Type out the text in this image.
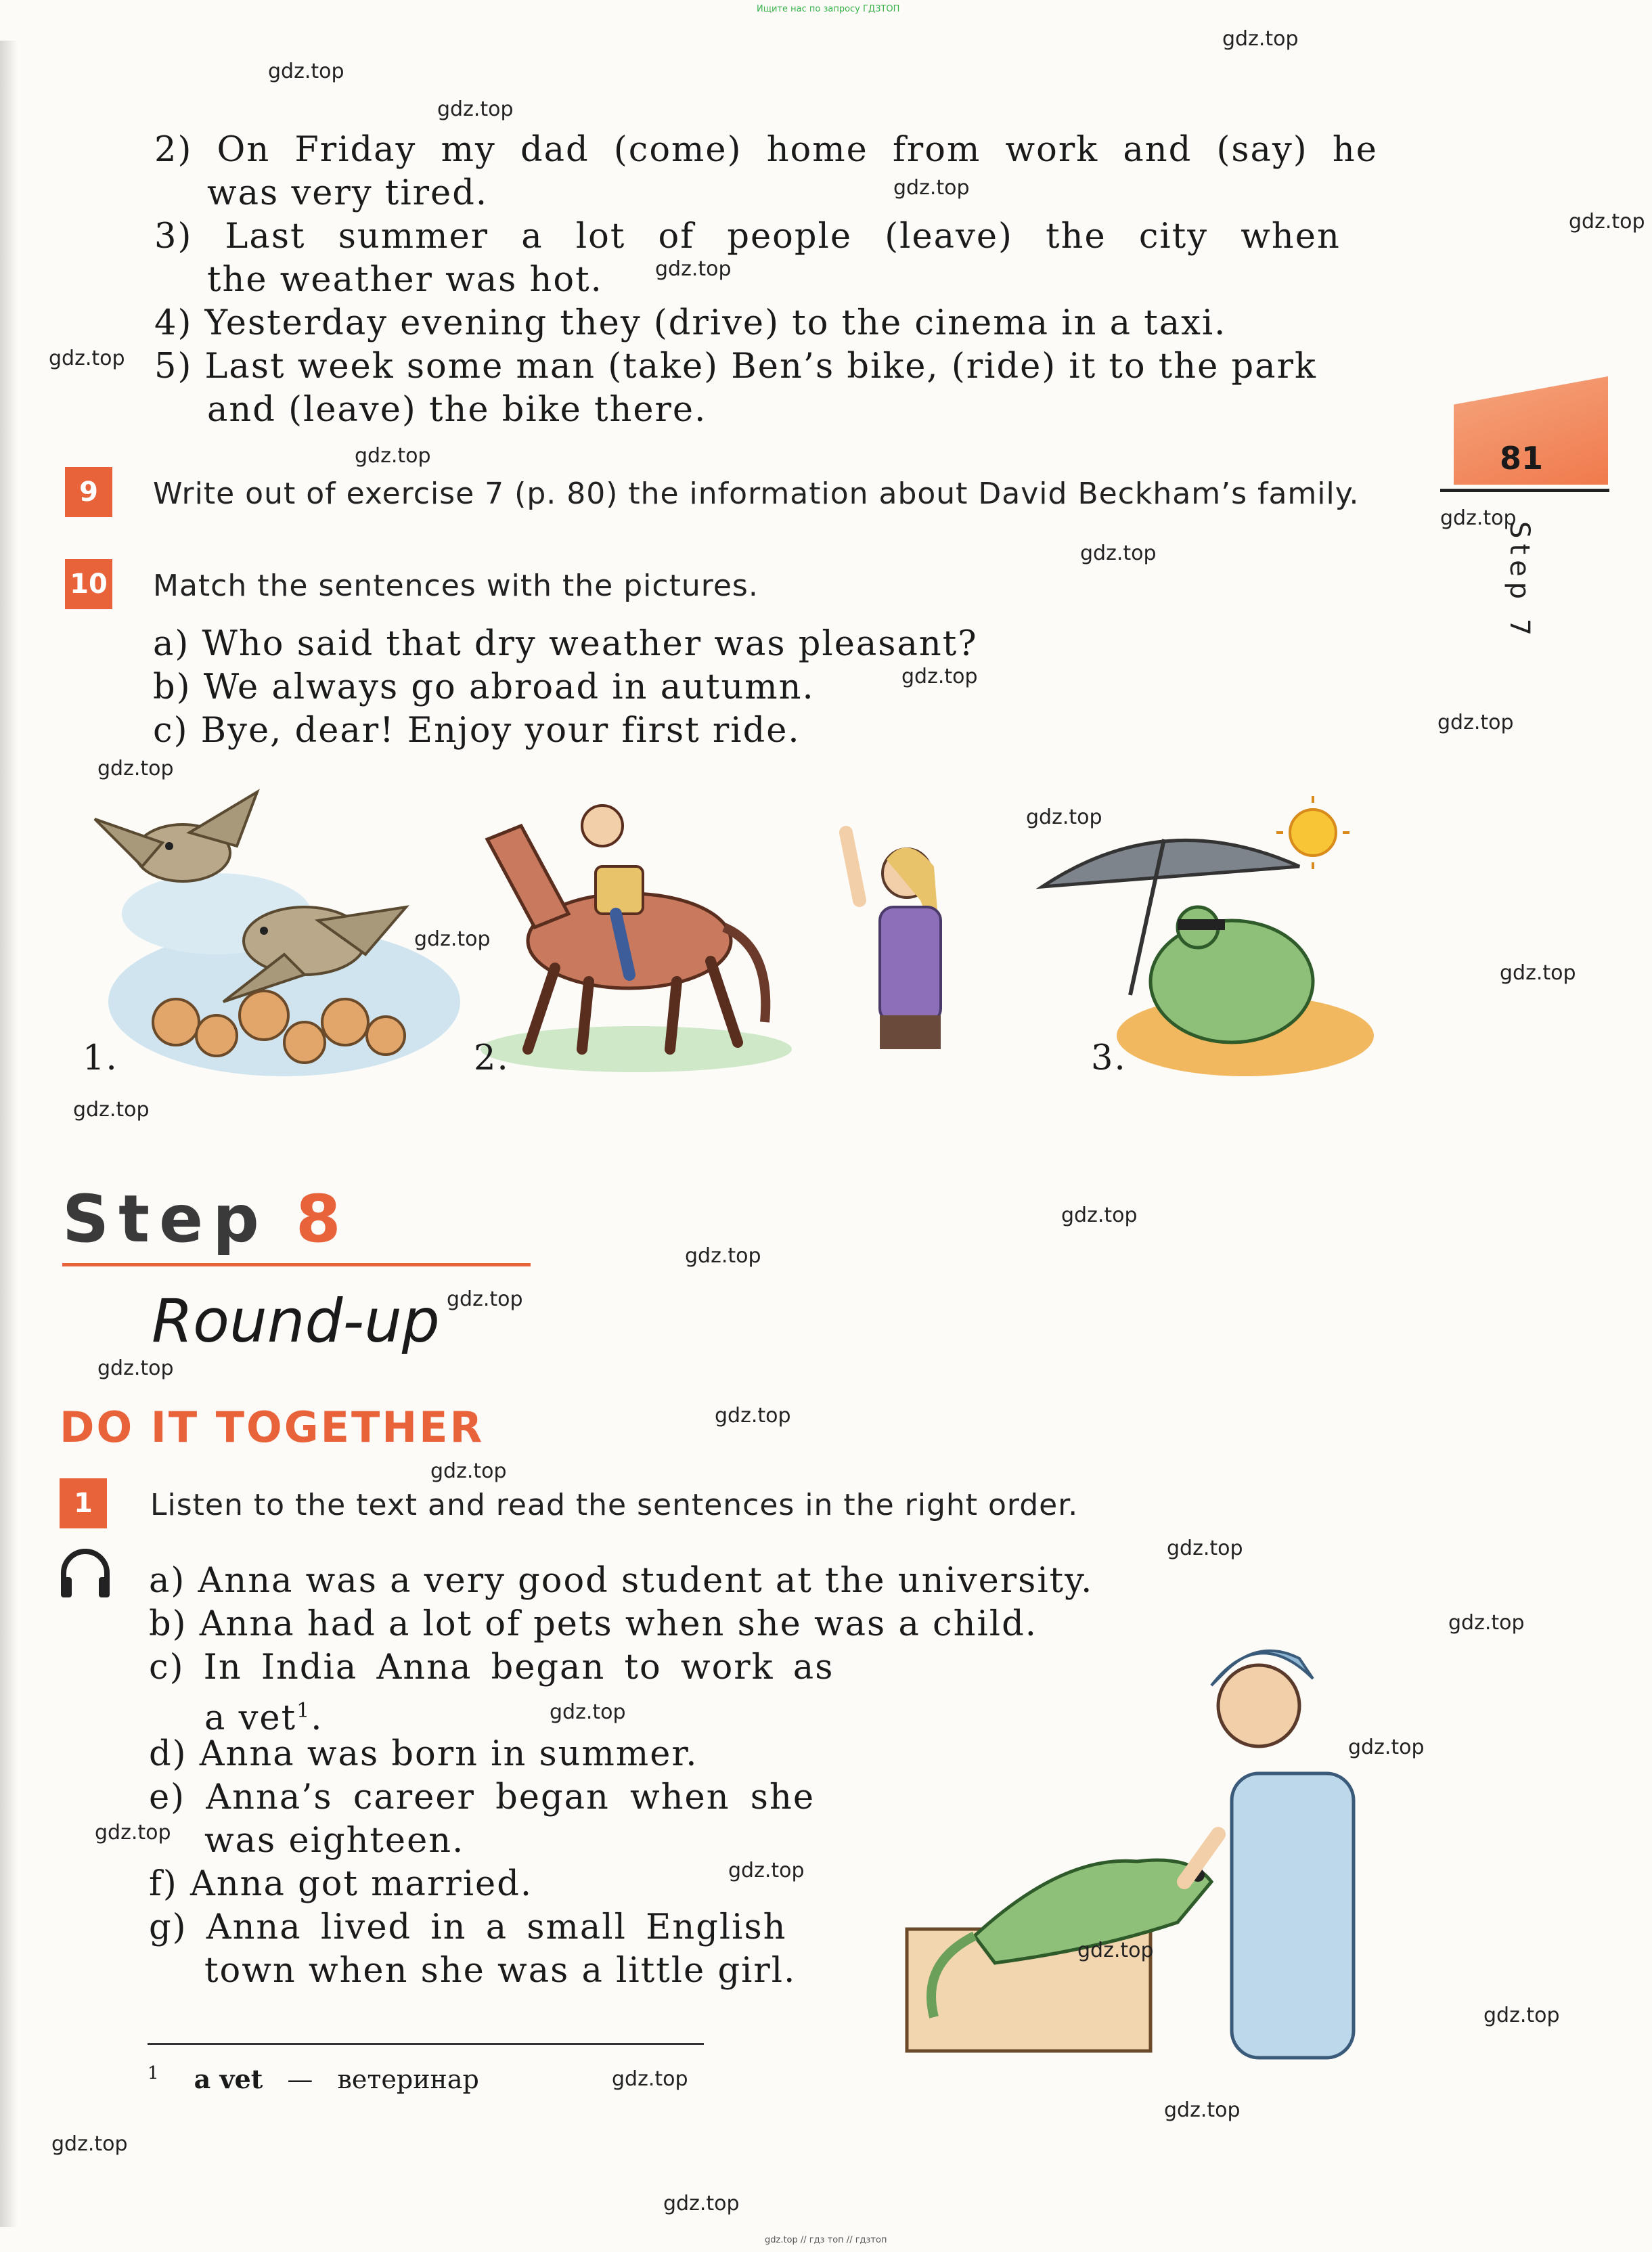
Ищите нас по запросу ГДЗТОП
gdz.top // гдз топ // гдзтоп
2) On Friday my dad (come) home from work and (say) he
was very tired.
3) Last summer a lot of people (leave) the city when
the weather was hot.
4) Yesterday evening they (drive) to the cinema in a taxi.
5) Last week some man (take) Ben’s bike, (ride) it to the park
and (leave) the bike there.
81
Step 7
9	Write out of exercise 7 (p. 80) the information about David Beckham’s family.
10 Match the sentences with the pictures.
a) Who said that dry weather was pleasant?
b) We always go abroad in autumn.
c) Bye, dear! Enjoy your first ride.
1.	2.	3.
Step 8
Round-up
DO IT TOGETHER
1	Listen to the text and read the sentences in the right order.
a) Anna was a very good student at the university.
b) Anna had a lot of pets when she was a child.
c) In India Anna began to work as
a vet$^1$.
d) Anna was born in summer.
e) Anna’s career began when she
was eighteen.
f) Anna got married.
g) Anna lived in a small English
town when she was a little girl.
$^1$ a vet — ветеринар
gdz.top
gdz.top
gdz.top
gdz.top
gdz.top
gdz.top
gdz.top
gdz.top
gdz.top
gdz.top
gdz.top
gdz.top
gdz.top
gdz.top
gdz.top
gdz.top
gdz.top
gdz.top
gdz.top
gdz.top
gdz.top
gdz.top
gdz.top
gdz.top
gdz.top
gdz.top
gdz.top
gdz.top
gdz.top
gdz.top
gdz.top
gdz.top
gdz.top
gdz.top
gdz.top
